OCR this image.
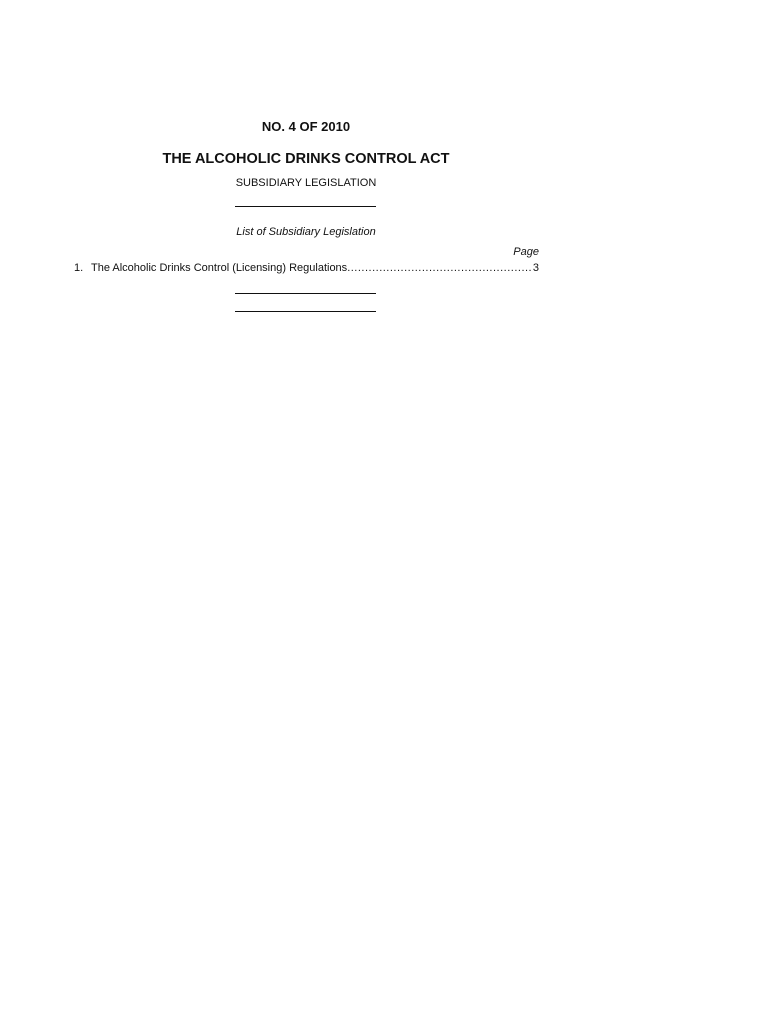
NO. 4 OF 2010
THE ALCOHOLIC DRINKS CONTROL ACT
SUBSIDIARY LEGISLATION
List of Subsidiary Legislation
Page
1. The Alcoholic Drinks Control (Licensing) Regulations
.....	3
